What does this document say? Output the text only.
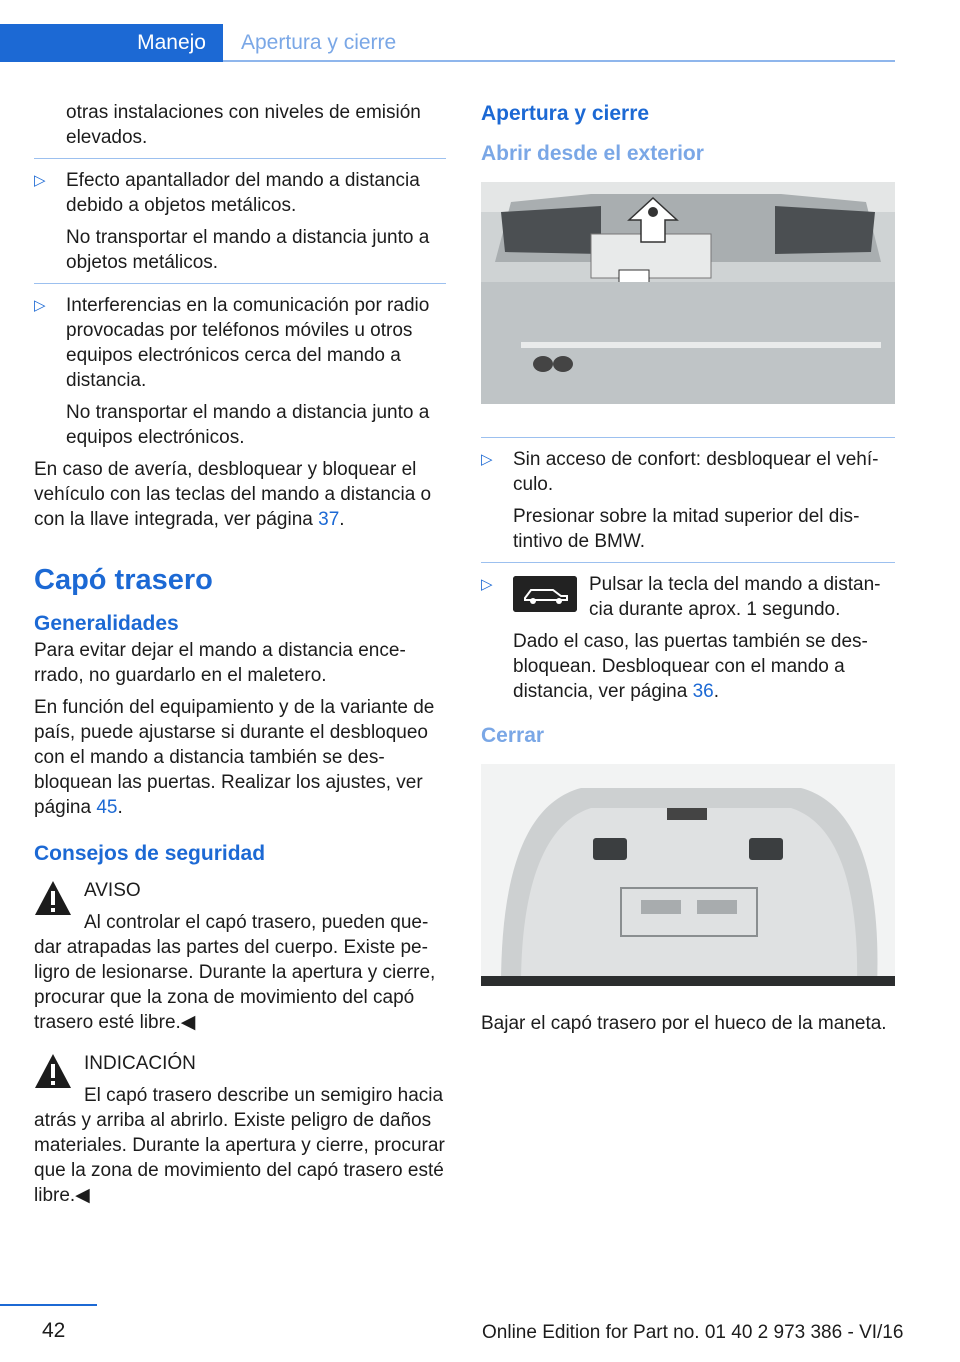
Manejo	Apertura y cierre

otras instalaciones con niveles de emisión elevados.

▷ Efecto apantallador del mando a distancia debido a objetos metálicos.

No transportar el mando a distancia junto a objetos metálicos.

▷ Interferencias en la comunicación por radio provocadas por teléfonos móviles u otros equipos electrónicos cerca del mando a distancia.

No transportar el mando a distancia junto a equipos electrónicos.

En caso de avería, desbloquear y bloquear el vehículo con las teclas del mando a distancia o con la llave integrada, ver página 37.

Capó trasero
Generalidades

Para evitar dejar el mando a distancia encerrado, no guardarlo en el maletero.

En función del equipamiento y de la variante de país, puede ajustarse si durante el desbloqueo con el mando a distancia también se desbloquean las puertas. Realizar los ajustes, ver página 45.

Consejos de seguridad

AVISO

Al controlar el capó trasero, pueden quedar atrapadas las partes del cuerpo. Existe peligro de lesionarse. Durante la apertura y cierre, procurar que la zona de movimiento del capó trasero esté libre.◀

INDICACIÓN

El capó trasero describe un semigiro hacia atrás y arriba al abrirlo. Existe peligro de daños materiales. Durante la apertura y cierre, procurar que la zona de movimiento del capó trasero esté libre.◀

Apertura y cierre
Abrir desde el exterior
▷ Sin acceso de confort: desbloquear el vehículo.

Presionar sobre la mitad superior del distintivo de BMW.

▷	Pulsar la tecla del mando a distancia durante aprox. 1 segundo.

Dado el caso, las puertas también se desbloquean. Desbloquear con el mando a distancia, ver página 36.

Cerrar

Bajar el capó trasero por el hueco de la maneta.

42	Online Edition for Part no. 01 40 2 973 386 - VI/16
